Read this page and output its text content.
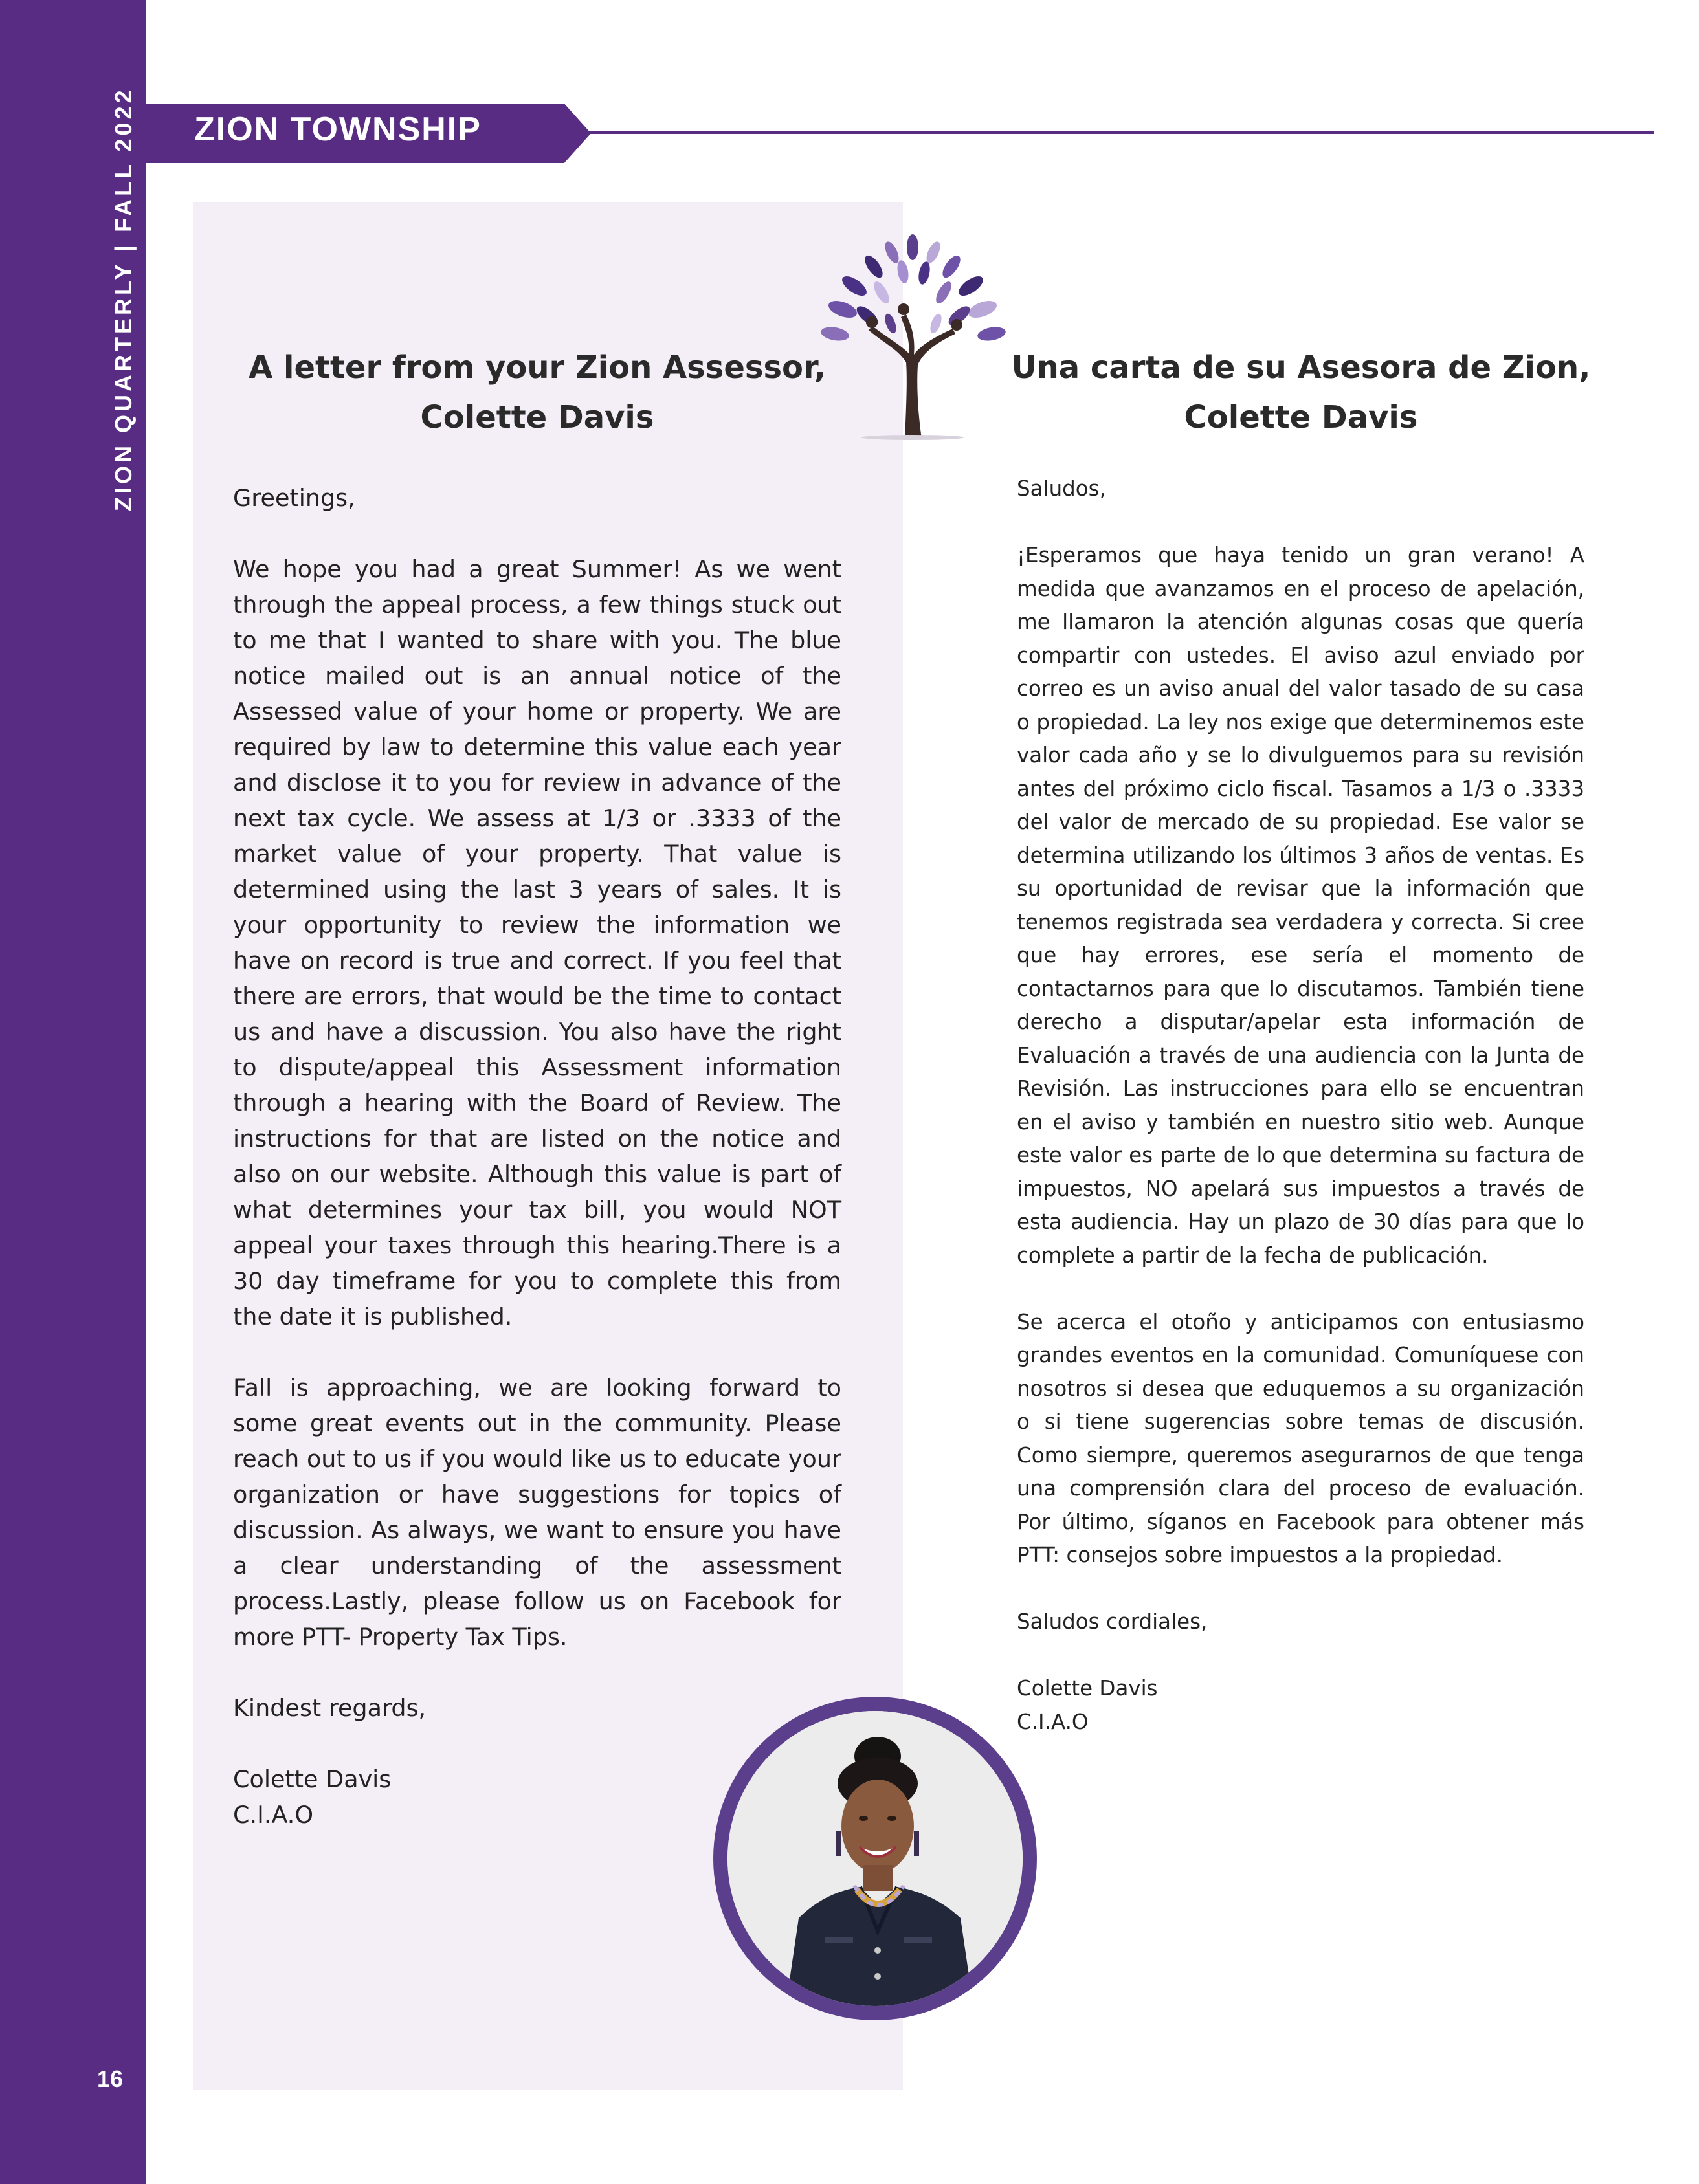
ZION QUARTERLY | FALL 2022
16
ZION TOWNSHIP
A letter from your Zion Assessor,
Colette Davis
Una carta de su Asesora de Zion,
Colette Davis

Greetings,

We hope you had a great Summer! As we went through the appeal process, a few things stuck out to me that I wanted to share with you. The blue notice mailed out is an annual notice of the Assessed value of your home or property. We are required by law to determine this value each year and disclose it to you for review in advance of the next tax cycle. We assess at 1/3 or .3333 of the market value of your property. That value is determined using the last 3 years of sales. It is your opportunity to review the information we have on record is true and correct. If you feel that there are errors, that would be the time to contact us and have a discussion. You also have the right to dispute/appeal this Assessment information through a hearing with the Board of Review. The instructions for that are listed on the notice and also on our website. Although this value is part of what determines your tax bill, you would NOT appeal your taxes through this hearing.There is a 30 day timeframe for you to complete this from the date it is published.

Fall is approaching, we are looking forward to some great events out in the community. Please reach out to us if you would like us to educate your organization or have suggestions for topics of discussion. As always, we want to ensure you have a clear understanding of the assessment process.Lastly, please follow us on Facebook for more PTT- Property Tax Tips.

Kindest regards,

Colette Davis

C.I.A.O

Saludos,

¡Esperamos que haya tenido un gran verano! A medida que avanzamos en el proceso de apelación, me llamaron la atención algunas cosas que quería compartir con ustedes. El aviso azul enviado por correo es un aviso anual del valor tasado de su casa o propiedad. La ley nos exige que determinemos este valor cada año y se lo divulguemos para su revisión antes del próximo ciclo fiscal. Tasamos a 1/3 o .3333 del valor de mercado de su propiedad. Ese valor se determina utilizando los últimos 3 años de ventas. Es su oportunidad de revisar que la información que tenemos registrada sea verdadera y correcta. Si cree que hay errores, ese sería el momento de contactarnos para que lo discutamos. También tiene derecho a disputar/apelar esta información de Evaluación a través de una audiencia con la Junta de Revisión. Las instrucciones para ello se encuentran en el aviso y también en nuestro sitio web. Aunque este valor es parte de lo que determina su factura de impuestos, NO apelará sus impuestos a través de esta audiencia. Hay un plazo de 30 días para que lo complete a partir de la fecha de publicación.

Se acerca el otoño y anticipamos con entusiasmo grandes eventos en la comunidad. Comuníquese con nosotros si desea que eduquemos a su organización o si tiene sugerencias sobre temas de discusión. Como siempre, queremos asegurarnos de que tenga una comprensión clara del proceso de evaluación. Por último, síganos en Facebook para obtener más PTT: consejos sobre impuestos a la propiedad.

Saludos cordiales,

Colette Davis

C.I.A.O
